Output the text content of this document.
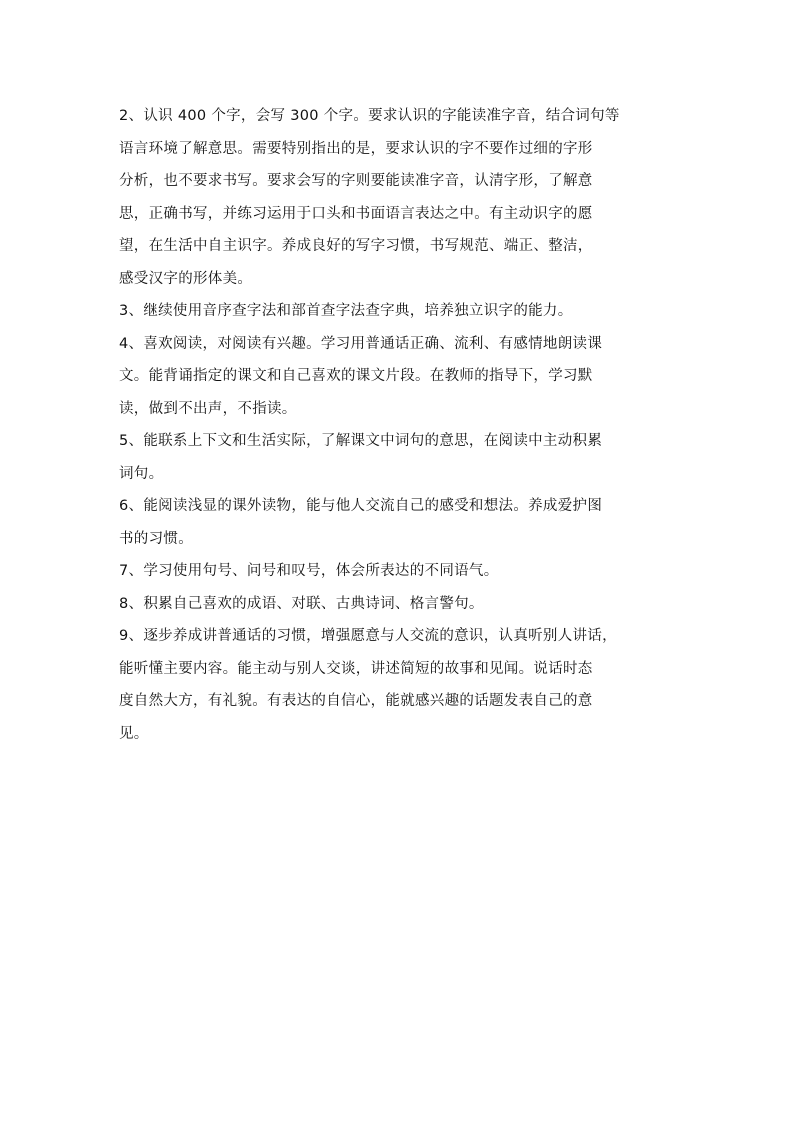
2、认识 400 个字，会写 300 个字。要求认识的字能读准字音，结合词句等

语言环境了解意思。需要特别指出的是，要求认识的字不要作过细的字形

分析，也不要求书写。要求会写的字则要能读准字音，认清字形，了解意

思，正确书写，并练习运用于口头和书面语言表达之中。有主动识字的愿

望，在生活中自主识字。养成良好的写字习惯，书写规范、端正、整洁，

感受汉字的形体美。

3、继续使用音序查字法和部首查字法查字典，培养独立识字的能力。

4、喜欢阅读，对阅读有兴趣。学习用普通话正确、流利、有感情地朗读课

文。能背诵指定的课文和自己喜欢的课文片段。在教师的指导下，学习默

读，做到不出声，不指读。

5、能联系上下文和生活实际，了解课文中词句的意思，在阅读中主动积累

词句。

6、能阅读浅显的课外读物，能与他人交流自己的感受和想法。养成爱护图

书的习惯。

7、学习使用句号、问号和叹号，体会所表达的不同语气。

8、积累自己喜欢的成语、对联、古典诗词、格言警句。

9、逐步养成讲普通话的习惯，增强愿意与人交流的意识，认真听别人讲话，

能听懂主要内容。能主动与别人交谈，讲述简短的故事和见闻。说话时态

度自然大方，有礼貌。有表达的自信心，能就感兴趣的话题发表自己的意

见。
